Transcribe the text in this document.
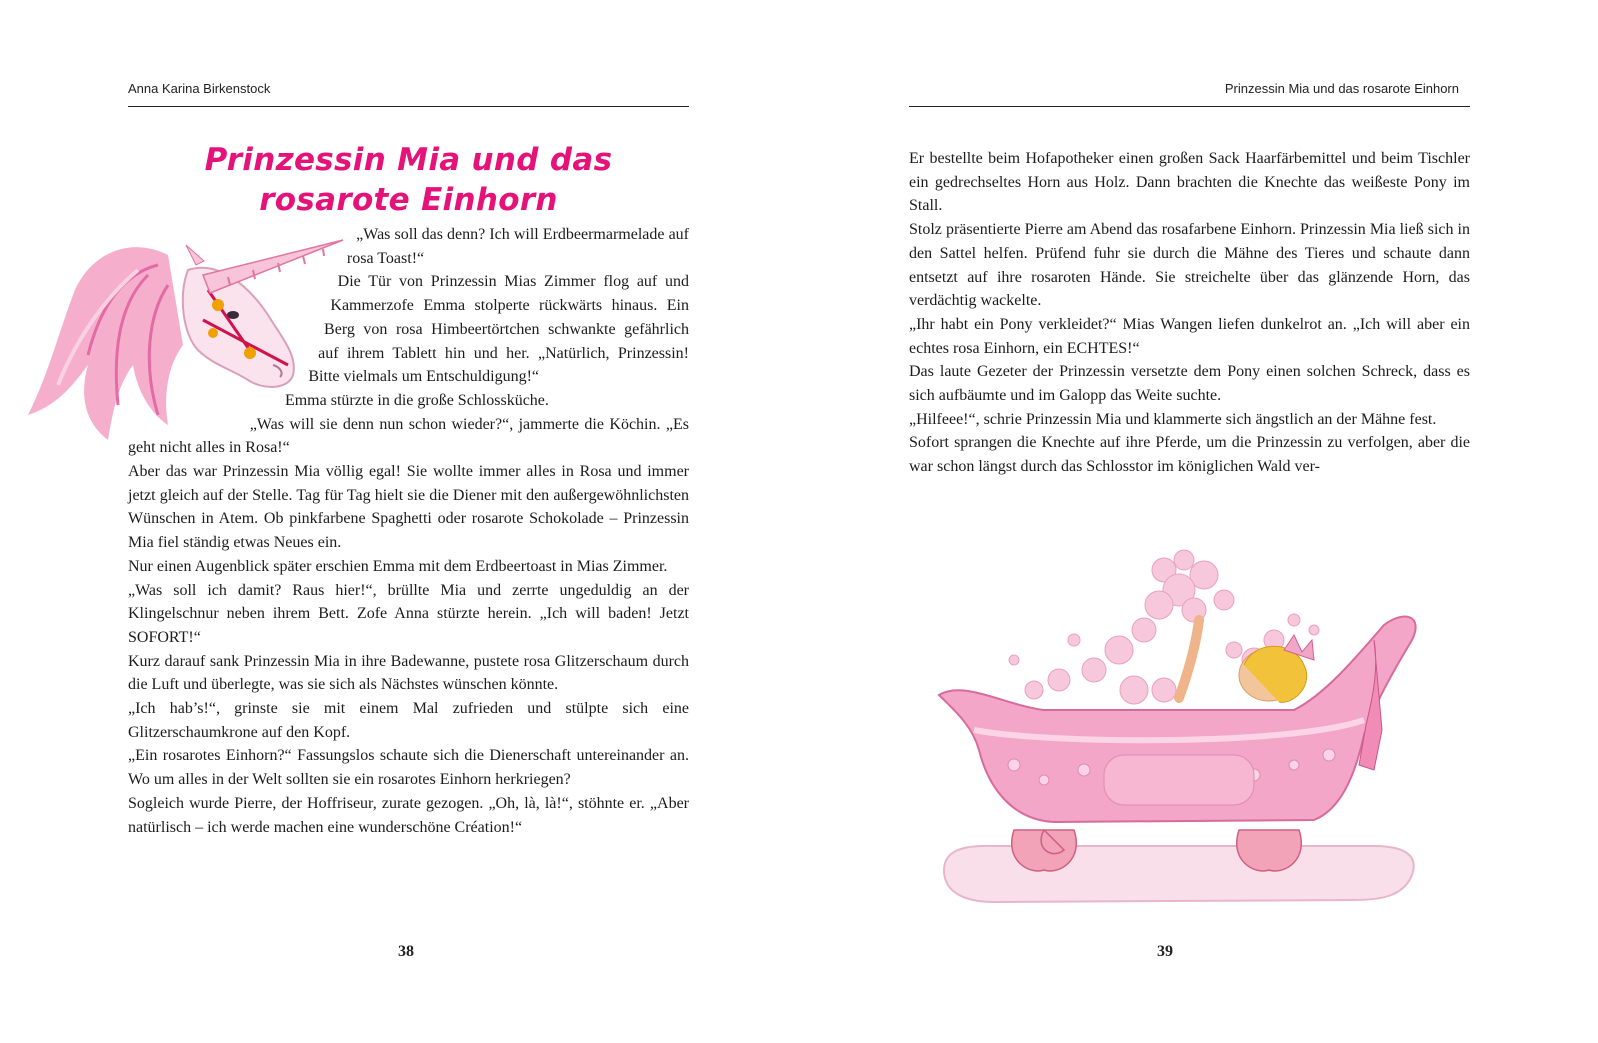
Anna Karina Birkenstock
Prinzessin Mia und das rosarote Einhorn

„Was soll das denn? Ich will Erdbeermarmelade auf rosa Toast!“

Die Tür von Prinzessin Mias Zimmer flog auf und Kammerzofe Emma stolperte rückwärts hinaus. Ein Berg von rosa Himbeertörtchen schwankte gefährlich auf ihrem Tablett hin und her. „Natürlich, Prinzessin! Bitte vielmals um Entschuldigung!“

Emma stürzte in die große Schlossküche.

„Was will sie denn nun schon wieder?“, jammerte die Köchin. „Es geht nicht alles in Rosa!“

Aber das war Prinzessin Mia völlig egal! Sie wollte immer alles in Rosa und immer jetzt gleich auf der Stelle. Tag für Tag hielt sie die Diener mit den außergewöhnlichsten Wünschen in Atem. Ob pinkfarbene Spaghetti oder rosarote Schokolade – Prinzessin Mia fiel ständig etwas Neues ein.

Nur einen Augenblick später erschien Emma mit dem Erdbeertoast in Mias Zimmer.

„Was soll ich damit? Raus hier!“, brüllte Mia und zerrte ungeduldig an der Klingelschnur neben ihrem Bett. Zofe Anna stürzte herein. „Ich will baden! Jetzt SOFORT!“

Kurz darauf sank Prinzessin Mia in ihre Badewanne, pustete rosa Glitzerschaum durch die Luft und überlegte, was sie sich als Nächstes wünschen könnte.

„Ich hab’s!“, grinste sie mit einem Mal zufrieden und stülpte sich eine Glitzerschaumkrone auf den Kopf.

„Ein rosarotes Einhorn?“ Fassungslos schaute sich die Dienerschaft untereinander an. Wo um alles in der Welt sollten sie ein rosarotes Einhorn herkriegen?

Sogleich wurde Pierre, der Hoffriseur, zurate gezogen. „Oh, là, là!“, stöhnte er. „Aber natürlisch – ich werde machen eine wunderschöne Création!“

38
Prinzessin Mia und das rosarote Einhorn

Er bestellte beim Hofapotheker einen großen Sack Haarfärbemittel und beim Tischler ein gedrechseltes Horn aus Holz. Dann brachten die Knechte das weißeste Pony im Stall.

Stolz präsentierte Pierre am Abend das rosafarbene Einhorn. Prinzessin Mia ließ sich in den Sattel helfen. Prüfend fuhr sie durch die Mähne des Tieres und schaute dann entsetzt auf ihre rosaroten Hände. Sie streichelte über das glänzende Horn, das verdächtig wackelte.

„Ihr habt ein Pony verkleidet?“ Mias Wangen liefen dunkelrot an. „Ich will aber ein echtes rosa Einhorn, ein ECHTES!“

Das laute Gezeter der Prinzessin versetzte dem Pony einen solchen Schreck, dass es sich aufbäumte und im Galopp das Weite suchte.

„Hilfeee!“, schrie Prinzessin Mia und klammerte sich ängstlich an der Mähne fest.

Sofort sprangen die Knechte auf ihre Pferde, um die Prinzessin zu verfolgen, aber die war schon längst durch das Schlosstor im königlichen Wald ver-

39
